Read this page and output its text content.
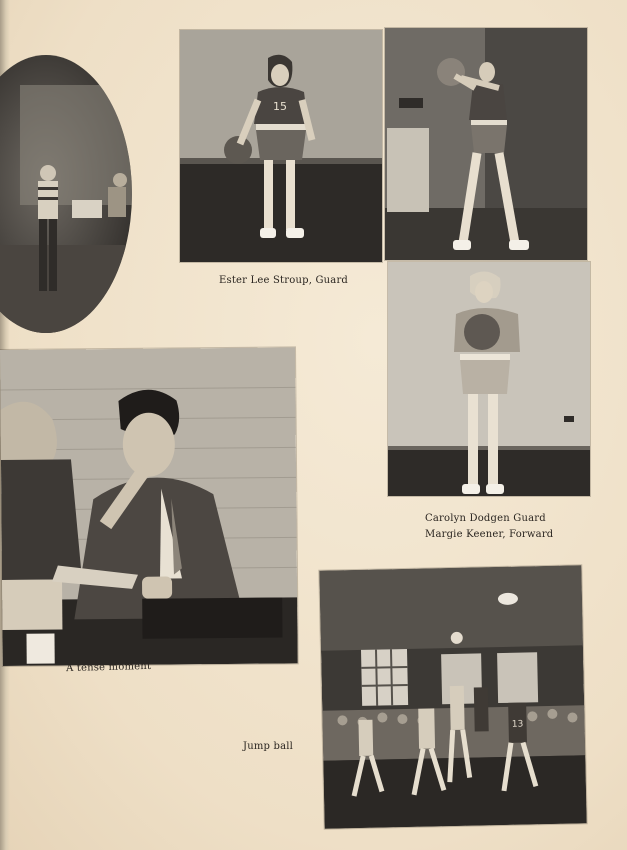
15
Ester Lee Stroup, Guard
Carolyn Dodgen Guard
Margie Keener, Forward
A tense moment
13
Jump ball
